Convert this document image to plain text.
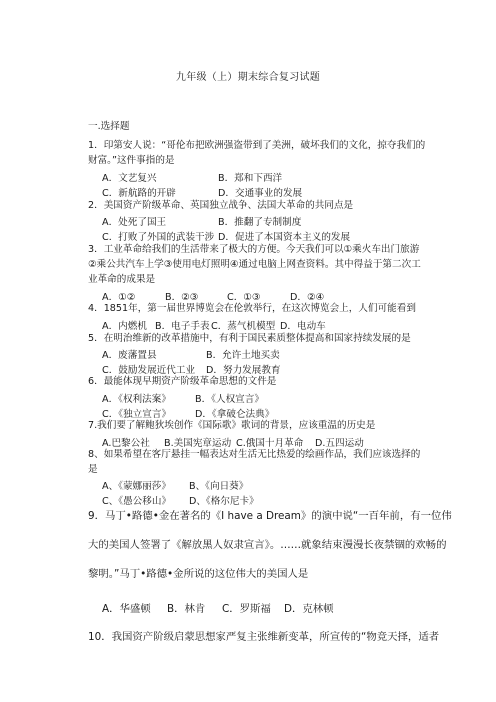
九年级（上）期末综合复习试题
一.选择题
1．印第安人说：“哥伦布把欧洲强盗带到了美洲，破坏我们的文化，掠夺我们的
财富。”这件事指的是
A．文艺复兴	B．郑和下西洋
C．新航路的开辟	D．交通事业的发展
2．美国资产阶级革命、英国独立战争、法国大革命的共同点是
A．处死了国王	B．推翻了专制制度
C．打败了外国的武装干涉 D．促进了本国资本主义的发展
3．工业革命给我们的生活带来了极大的方便。今天我们可以①乘火车出门旅游
②乘公共汽车上学③使用电灯照明④通过电脑上网查资料。其中得益于第二次工
业革命的成果是
A．①②	B．②③	C．①③	D．②④
4．1851年，第一届世界博览会在伦敦举行，在这次博览会上，人们可能看到
A．内燃机 B．电子手表 C．蒸气机模型 D．电动车
5．在明治维新的改革措施中，有利于国民素质整体提高和国家持续发展的是
A．废藩置县	B．允许土地买卖
C．鼓励发展近代工业 D．努力发展教育
6．最能体现早期资产阶级革命思想的文件是
A．《权利法案》	B．《人权宣言》
C．《独立宣言》 D．《拿破仑法典》
7.我们要了解鲍狄埃创作《国际歌》歌词的背景，应该重温的历史是
A.巴黎公社 B.美国宪章运动 C.俄国十月革命 D.五四运动
8、如果希望在客厅悬挂一幅表达对生活无比热爱的绘画作品，我们应该选择的
是
A、《蒙娜丽莎》 B、《向日葵》
C、《愚公移山》 D、《格尔尼卡》
9．马丁•路德•金在著名的《I have a Dream》的演中说“一百年前，有一位伟
大的美国人签署了《解放黑人奴隶宣言》。……就象结束漫漫长夜禁锢的欢畅的
黎明。”马丁•路德•金所说的这位伟大的美国人是
A．华盛顿 B．林肯 C．罗斯福 D．克林顿
10．我国资产阶级启蒙思想家严复主张维新变革，所宣传的“物竞天择，适者
